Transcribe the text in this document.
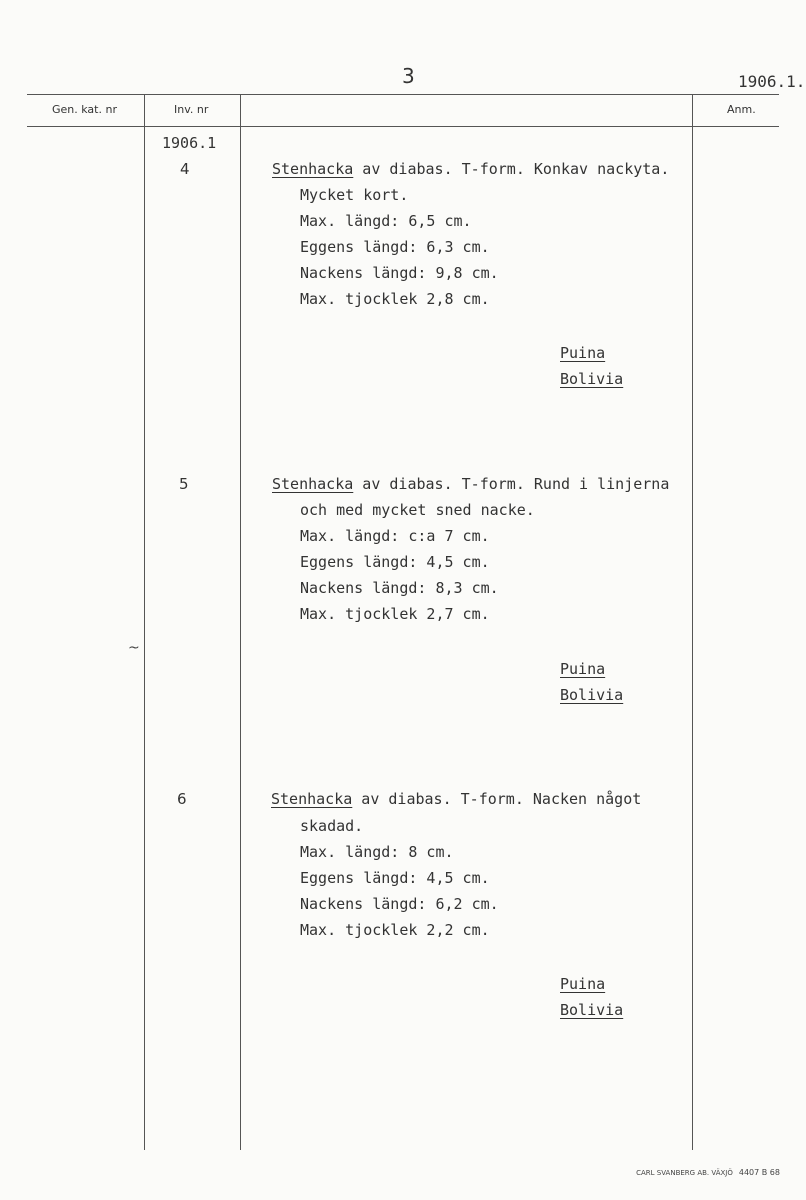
3	1906.1.
Gen. kat. nr	Inv. nr	Anm.
1906.1
4	Stenhacka av diabas. T-form. Konkav nackyta.
Mycket kort.
Max. längd: 6,5 cm.
Eggens längd: 6,3 cm.
Nackens längd: 9,8 cm.
Max. tjocklek 2,8 cm.
Puina
Bolivia
5	Stenhacka av diabas. T-form. Rund i linjerna
och med mycket sned nacke.
Max. längd: c:a 7 cm.
Eggens längd: 4,5 cm.
Nackens längd: 8,3 cm.
Max. tjocklek 2,7 cm.
Puina
Bolivia
6	Stenhacka av diabas. T-form. Nacken något
skadad.
Max. längd: 8 cm.
Eggens längd: 4,5 cm.
Nackens längd: 6,2 cm.
Max. tjocklek 2,2 cm.
Puina
Bolivia
~
CARL SVANBERG AB. VÄXJÖ 4407 B 68
